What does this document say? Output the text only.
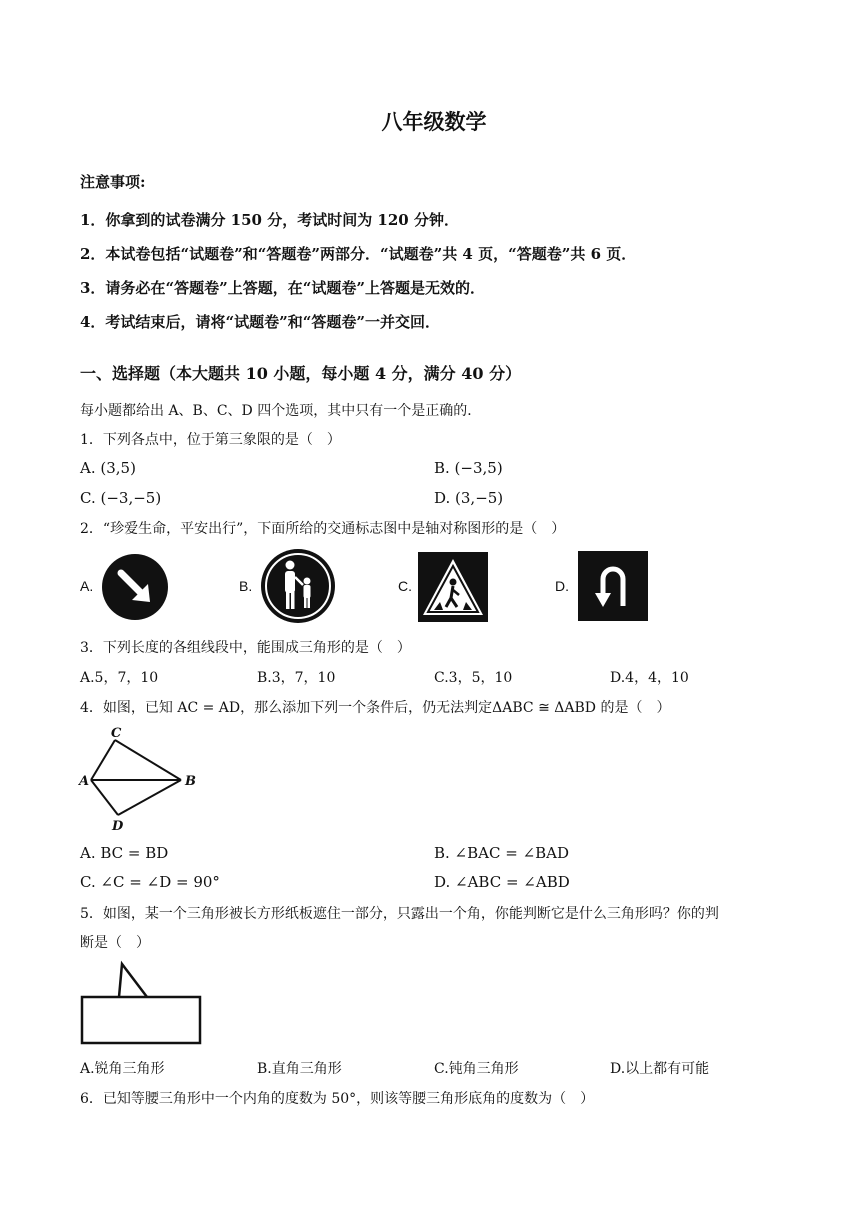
八年级数学
注意事项:
1．你拿到的试卷满分 150 分，考试时间为 120 分钟．
2．本试卷包括“试题卷”和“答题卷”两部分．“试题卷”共 4 页，“答题卷”共 6 页．
3．请务必在“答题卷”上答题，在“试题卷”上答题是无效的．
4．考试结束后，请将“试题卷”和“答题卷”一并交回．
一、选择题（本大题共 10 小题，每小题 4 分，满分 40 分）
每小题都给出 A、B、C、D 四个选项，其中只有一个是正确的．
1．下列各点中，位于第三象限的是（　）
A. (3,5)	B. (−3,5)
C. (−3,−5)	D. (3,−5)
2．“珍爱生命，平安出行”，下面所给的交通标志图中是轴对称图形的是（　）
A.	B.	C.	D.
3．下列长度的各组线段中，能围成三角形的是（　）
A.5，7，10	B.3，7，10	C.3，5，10	D.4，4，10
4．如图，已知 AC = AD，那么添加下列一个条件后，仍无法判定ΔABC ≅ ΔABD 的是（　）
C
A	B
D
A. BC = BD	B. ∠BAC = ∠BAD
C. ∠C = ∠D = 90°	D. ∠ABC = ∠ABD
5．如图，某一个三角形被长方形纸板遮住一部分，只露出一个角，你能判断它是什么三角形吗？你的判
断是（　）
A.锐角三角形	B.直角三角形	C.钝角三角形	D.以上都有可能
6．已知等腰三角形中一个内角的度数为 50°，则该等腰三角形底角的度数为（　）
